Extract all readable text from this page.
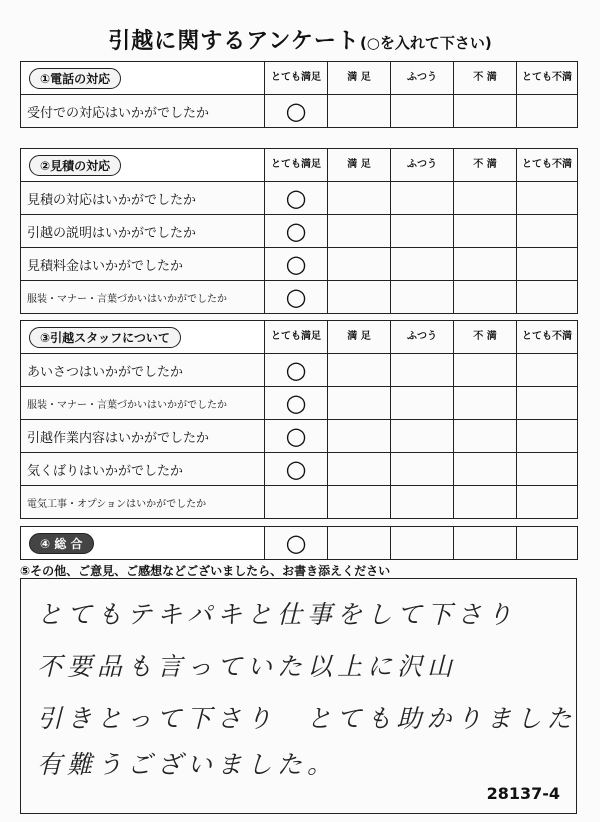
引越に関するアンケート(○を入れて下さい)
①電話の対応	とても満足	満 足	ふつう	不 満	とても不満
受付での対応はいかがでしたか	○				
②見積の対応	とても満足	満 足	ふつう	不 満	とても不満
見積の対応はいかがでしたか	○				
引越の説明はいかがでしたか	○				
見積料金はいかがでしたか	○				
服装・マナー・言葉づかいはいかがでしたか	○				
③引越スタッフについて	とても満足	満 足	ふつう	不 満	とても不満
あいさつはいかがでしたか	○				
服装・マナー・言葉づかいはいかがでしたか	○				
引越作業内容はいかがでしたか	○				
気くばりはいかがでしたか	○				
電気工事・オプションはいかがでしたか					
④ 総 合	○				
⑤その他、ご意見、ご感想などございましたら、お書き添えください
とてもテキパキと仕事をして下さり
不要品も言っていた以上に沢山
引きとって下さり　とても助かりました
有難うございました。
28137-4
